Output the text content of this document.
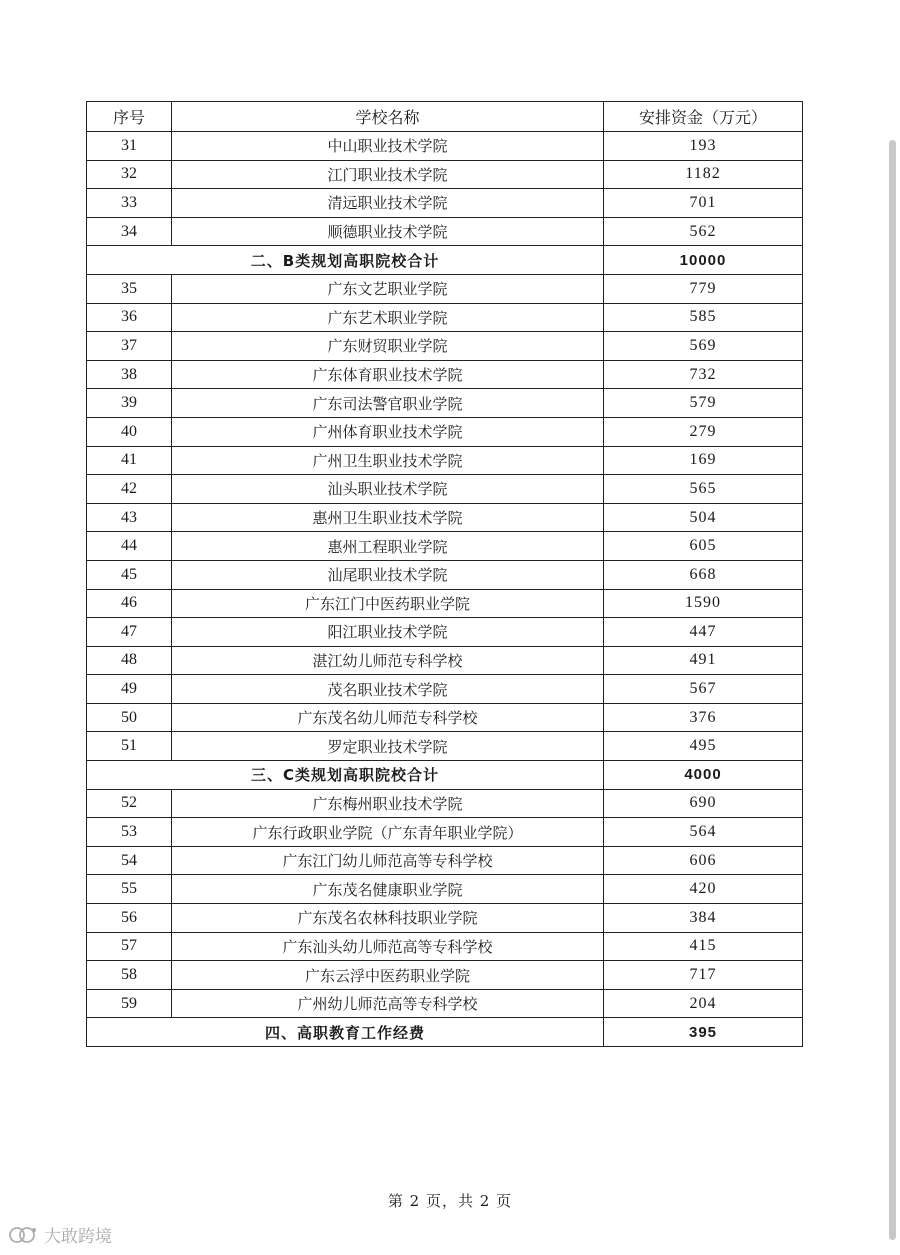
序号	学校名称	安排资金（万元）
31	中山职业技术学院	193
32	江门职业技术学院	1182
33	清远职业技术学院	701
34	顺德职业技术学院	562
二、B类规划高职院校合计		10000
35	广东文艺职业学院	779
36	广东艺术职业学院	585
37	广东财贸职业学院	569
38	广东体育职业技术学院	732
39	广东司法警官职业学院	579
40	广州体育职业技术学院	279
41	广州卫生职业技术学院	169
42	汕头职业技术学院	565
43	惠州卫生职业技术学院	504
44	惠州工程职业学院	605
45	汕尾职业技术学院	668
46	广东江门中医药职业学院	1590
47	阳江职业技术学院	447
48	湛江幼儿师范专科学校	491
49	茂名职业技术学院	567
50	广东茂名幼儿师范专科学校	376
51	罗定职业技术学院	495
三、C类规划高职院校合计		4000
52	广东梅州职业技术学院	690
53	广东行政职业学院（广东青年职业学院）	564
54	广东江门幼儿师范高等专科学校	606
55	广东茂名健康职业学院	420
56	广东茂名农林科技职业学院	384
57	广东汕头幼儿师范高等专科学校	415
58	广东云浮中医药职业学院	717
59	广州幼儿师范高等专科学校	204
四、高职教育工作经费		395
第 2 页，共 2 页
大敢跨境
